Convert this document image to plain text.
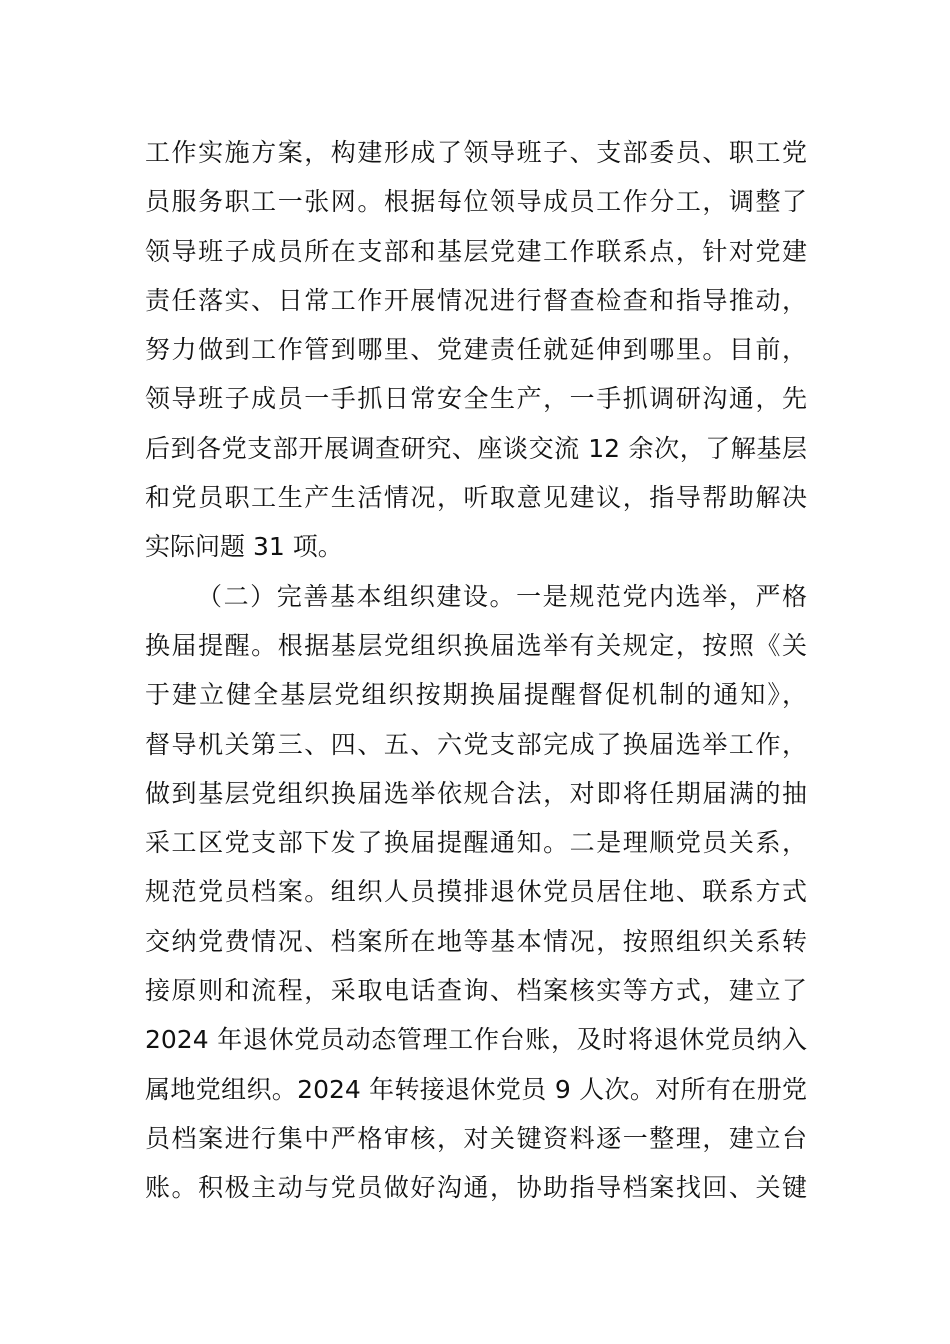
工作实施方案，构建形成了领导班子、支部委员、职工党
员服务职工一张网。根据每位领导成员工作分工，调整了
领导班子成员所在支部和基层党建工作联系点，针对党建
责任落实、日常工作开展情况进行督查检查和指导推动，
努力做到工作管到哪里、党建责任就延伸到哪里。目前，
领导班子成员一手抓日常安全生产，一手抓调研沟通，先
后到各党支部开展调查研究、座谈交流 12 余次，了解基层
和党员职工生产生活情况，听取意见建议，指导帮助解决
实际问题 31 项。
（二）完善基本组织建设。一是规范党内选举，严格
换届提醒。根据基层党组织换届选举有关规定，按照《关
于建立健全基层党组织按期换届提醒督促机制的通知》，
督导机关第三、四、五、六党支部完成了换届选举工作，
做到基层党组织换届选举依规合法，对即将任期届满的抽
采工区党支部下发了换届提醒通知。二是理顺党员关系，
规范党员档案。组织人员摸排退休党员居住地、联系方式
交纳党费情况、档案所在地等基本情况，按照组织关系转
接原则和流程，采取电话查询、档案核实等方式，建立了
2024 年退休党员动态管理工作台账，及时将退休党员纳入
属地党组织。2024 年转接退休党员 9 人次。对所有在册党
员档案进行集中严格审核，对关键资料逐一整理，建立台
账。积极主动与党员做好沟通，协助指导档案找回、关键
